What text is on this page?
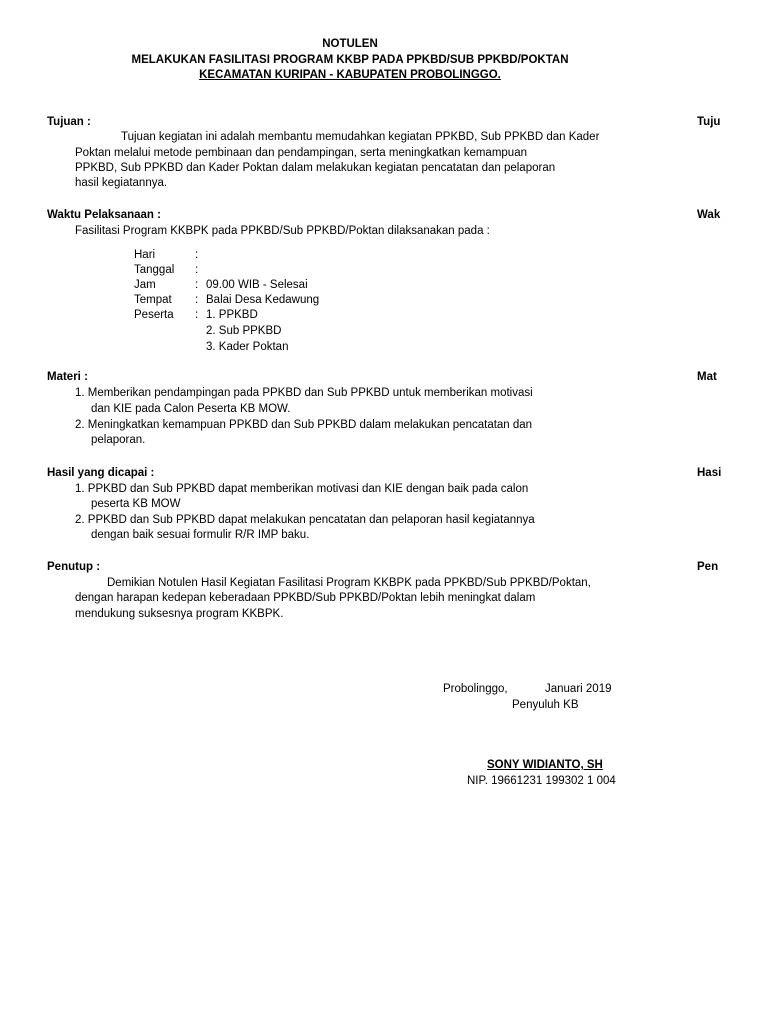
NOTULEN
MELAKUKAN FASILITASI PROGRAM KKBP PADA PPKBD/SUB PPKBD/POKTAN
KECAMATAN KURIPAN - KABUPATEN PROBOLINGGO.
Tujuan :	Tuju
Tujuan kegiatan ini adalah membantu memudahkan kegiatan PPKBD, Sub PPKBD dan Kader
Poktan melalui metode pembinaan dan pendampingan, serta meningkatkan kemampuan
PPKBD, Sub PPKBD dan Kader Poktan dalam melakukan kegiatan pencatatan dan pelaporan
hasil kegiatannya.
Waktu Pelaksanaan :	Wak
Fasilitasi Program KKBPK pada PPKBD/Sub PPKBD/Poktan dilaksanakan pada :
Hari	:
Tanggal :
Jam	: 09.00 WIB - Selesai
Tempat : Balai Desa Kedawung
Peserta : 1. PPKBD
2. Sub PPKBD
3. Kader Poktan
Materi :	Mat
1. Memberikan pendampingan pada PPKBD dan Sub PPKBD untuk memberikan motivasi
dan KIE pada Calon Peserta KB MOW.
2. Meningkatkan kemampuan PPKBD dan Sub PPKBD dalam melakukan pencatatan dan
pelaporan.
Hasil yang dicapai :	Hasi
1. PPKBD dan Sub PPKBD dapat memberikan motivasi dan KIE dengan baik pada calon
peserta KB MOW
2. PPKBD dan Sub PPKBD dapat melakukan pencatatan dan pelaporan hasil kegiatannya
dengan baik sesuai formulir R/R IMP baku.
Penutup :	Pen
Demikian Notulen Hasil Kegiatan Fasilitasi Program KKBPK pada PPKBD/Sub PPKBD/Poktan,
dengan harapan kedepan keberadaan PPKBD/Sub PPKBD/Poktan lebih meningkat dalam
mendukung suksesnya program KKBPK.
Probolinggo,	Januari 2019
Penyuluh KB
SONY WIDIANTO, SH
NIP. 19661231 199302 1 004
